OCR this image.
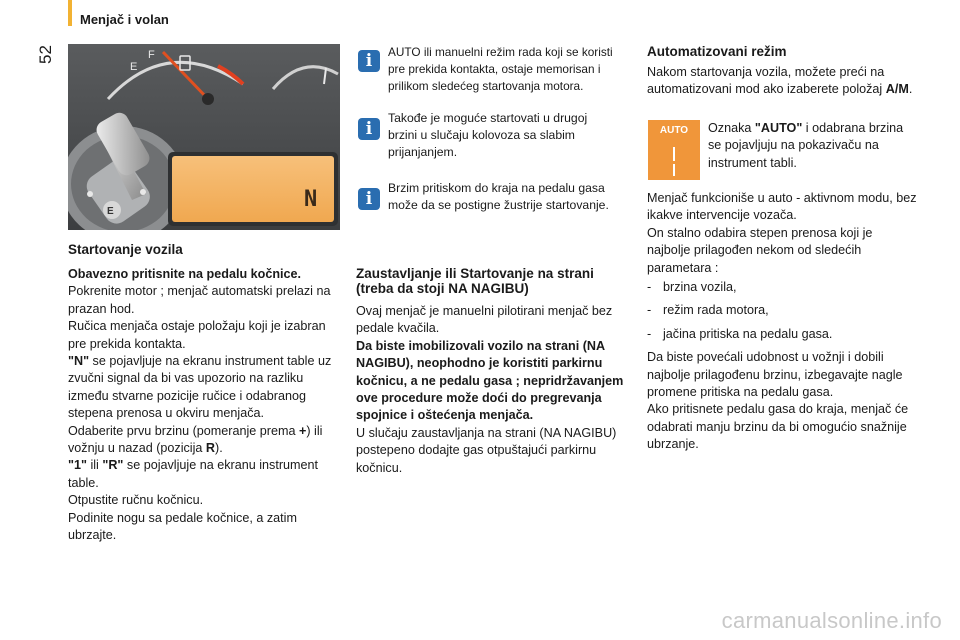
Menjač i volan
52
E
F
E	N
Startovanje vozila
Obavezno pritisnite na pedalu kočnice.
Pokrenite motor ; menjač automatski prelazi na prazan hod.
Ručica menjača ostaje položaju koji je izabran pre prekida kontakta.
"N" se pojavljuje na ekranu instrument table uz zvučni signal da bi vas upozorio na razliku između stvarne pozicije ručice i odabranog stepena prenosa u okviru menjača.
Odaberite prvu brzinu (pomeranje prema +) ili vožnju u nazad (pozicija R).
"1" ili "R" se pojavljuje na ekranu instrument table.
Otpustite ručnu kočnicu.
Podinite nogu sa pedale kočnice, a zatim ubrzajte.
i	AUTO ili manuelni režim rada koji se koristi pre prekida kontakta, ostaje memorisan i prilikom sledećeg startovanja motora.
i
Takođe je moguće startovati u drugoj brzini u slučaju kolovoza sa slabim prijanjanjem.
i
Brzim pritiskom do kraja na pedalu gasa može da se postigne žustrije startovanje.
Zaustavljanje ili Startovanje na strani (treba da stoji NA NAGIBU)
Ovaj menjač je manuelni pilotirani menjač bez pedale kvačila.
Da biste imobilizovali vozilo na strani (NA NAGIBU), neophodno je koristiti parkirnu kočnicu, a ne pedalu gasa ; nepridržavanjem ove procedure može doći do pregrevanja spojnice i oštećenja menjača.
U slučaju zaustavljanja na strani (NA NAGIBU) postepeno dodajte gas otpuštajući parkirnu kočnicu.
Automatizovani režim
Nakom startovanja vozila, možete preći na automatizovani mod ako izaberete položaj A/M.
AUTO	Oznaka "AUTO" i odabrana brzina se pojavljuju na pokazivaču na instrument tabli.
Menjač funkcioniše u auto - aktivnom modu, bez ikakve intervencije vozača.
On stalno odabira stepen prenosa koji je najbolje prilagođen nekom od sledećih parametara :
- brzina vozila,
- režim rada motora,
- jačina pritiska na pedalu gasa.
Da biste povećali udobnost u vožnji i dobili najbolje prilagođenu brzinu, izbegavajte nagle promene pritiska na pedalu gasa.
Ako pritisnete pedalu gasa do kraja, menjač će odabrati manju brzinu da bi omogućio snažnije ubrzanje.
carmanualsonline.info
